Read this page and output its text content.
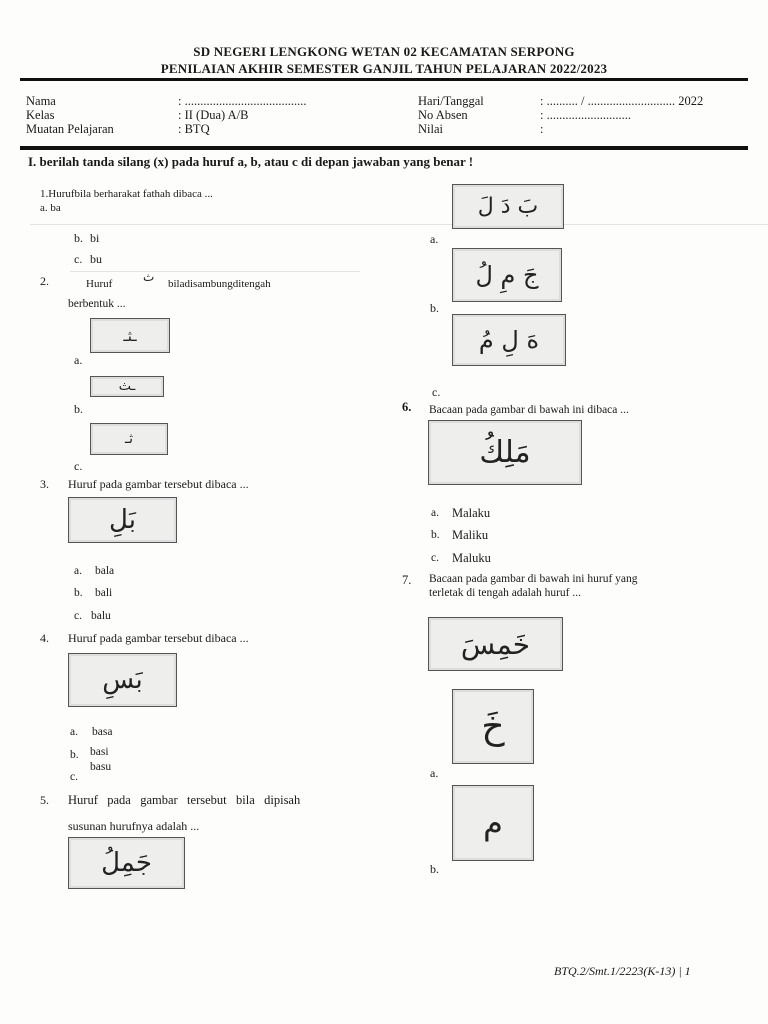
SD NEGERI LENGKONG WETAN 02 KECAMATAN SERPONG
PENILAIAN AKHIR SEMESTER GANJIL TAHUN PELAJARAN 2022/2023
Nama	: .......................................
Kelas	: II (Dua) A/B
Muatan Pelajaran	: BTQ
Hari/Tanggal	: .......... / ............................ 2022
No Absen	: ...........................
Nilai	:
I. berilah tanda silang (x) pada huruf a, b, atau c di depan jawaban yang benar !
1.Hurufbila berharakat fathah dibaca ...
a. ba
b. bi
c. bu
2.	Huruf	ث biladisambungditengah
berbentuk ...
ـثـ
a.
ـث
b.
ثـ
c.
3. Huruf pada gambar tersebut dibaca ...
بَلِ
a. bala
b. bali
c. balu
4. Huruf pada gambar tersebut dibaca ...
بَسِ
a. basa
b. basi
c.
basu
5. Huruf   pada   gambar   tersebut   bila   dipisah
susunan hurufnya adalah ...
جَمِلُ
بَ دَ لَ
a.
جَ مِ لُ
b.
هَ لِ مُ
c.
6. Bacaan pada gambar di bawah ini dibaca ...
مَلِكُ
a. Malaku
b. Maliku
c. Maluku
7. Bacaan pada gambar di bawah ini huruf yang
terletak di tengah adalah huruf ...
خَمِسَ
خَ
a.
م
b.
BTQ.2/Smt.1/2223(K-13) | 1
